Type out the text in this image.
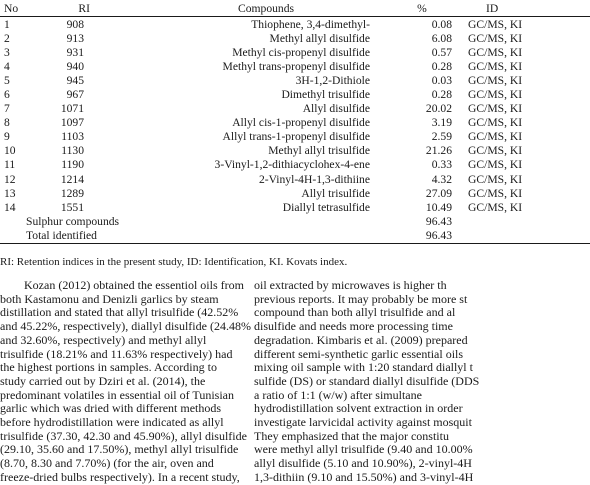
No	RI	Compounds	%	ID
1	908	Thiophene, 3,4-dimethyl-	0.08	GC/MS, KI
2	913	Methyl allyl disulfide	6.08	GC/MS, KI
3	931	Methyl cis-propenyl disulfide	0.57	GC/MS, KI
4	940	Methyl trans-propenyl disulfide	0.28	GC/MS, KI
5	945	3H-1,2-Dithiole	0.03	GC/MS, KI
6	967	Dimethyl trisulfide	0.28	GC/MS, KI
7	1071	Allyl disulfide	20.02	GC/MS, KI
8	1097	Allyl cis-1-propenyl disulfide	3.19	GC/MS, KI
9	1103	Allyl trans-1-propenyl disulfide	2.59	GC/MS, KI
10	1130	Methyl allyl trisulfide	21.26	GC/MS, KI
11	1190	3-Vinyl-1,2-dithiacyclohex-4-ene	0.33	GC/MS, KI
12	1214	2-Vinyl-4H-1,3-dithiine	4.32	GC/MS, KI
13	1289	Allyl trisulfide	27.09	GC/MS, KI
14	1551	Diallyl tetrasulfide	10.49	GC/MS, KI
Sulphur compounds			96.43	
Total identified			96.43	
RI: Retention indices in the present study, ID: Identification, KI. Kovats index.
Kozan (2012) obtained the essentiol oils from
both Kastamonu and Denizli garlics by steam
distillation and stated that allyl trisulfide (42.52%
and 45.22%, respectively), diallyl disulfide (24.48%
and 32.60%, respectively) and methyl allyl
trisulfide (18.21% and 11.63% respectively) had
the highest portions in samples. According to
study carried out by Dziri et al. (2014), the
predominant volatiles in essential oil of Tunisian
garlic which was dried with different methods
before hydrodistillation were indicated as allyl
trisulfide (37.30, 42.30 and 45.90%), allyl disulfide
(29.10, 35.60 and 17.50%), methyl allyl trisulfide
(8.70, 8.30 and 7.70%) (for the air, oven and
freeze-dried bulbs respectively). In a recent study,
oil extracted by microwaves is higher th
previous reports. It may probably be more st
compound than both allyl trisulfide and al
disulfide and needs more processing time
degradation. Kimbaris et al. (2009) prepared
different semi-synthetic garlic essential oils
mixing oil sample with 1:20 standard diallyl t
sulfide (DS) or standard diallyl disulfide (DDS
a ratio of 1:1 (w/w) after simultane
hydrodistillation solvent extraction in order
investigate larvicidal activity against mosquit
They emphasized that the major constitu
were methyl allyl trisulfide (9.40 and 10.00%
allyl disulfide (5.10 and 10.90%), 2-vinyl-4H
1,3-dithiin (9.10 and 15.50%) and 3-vinyl-4H
